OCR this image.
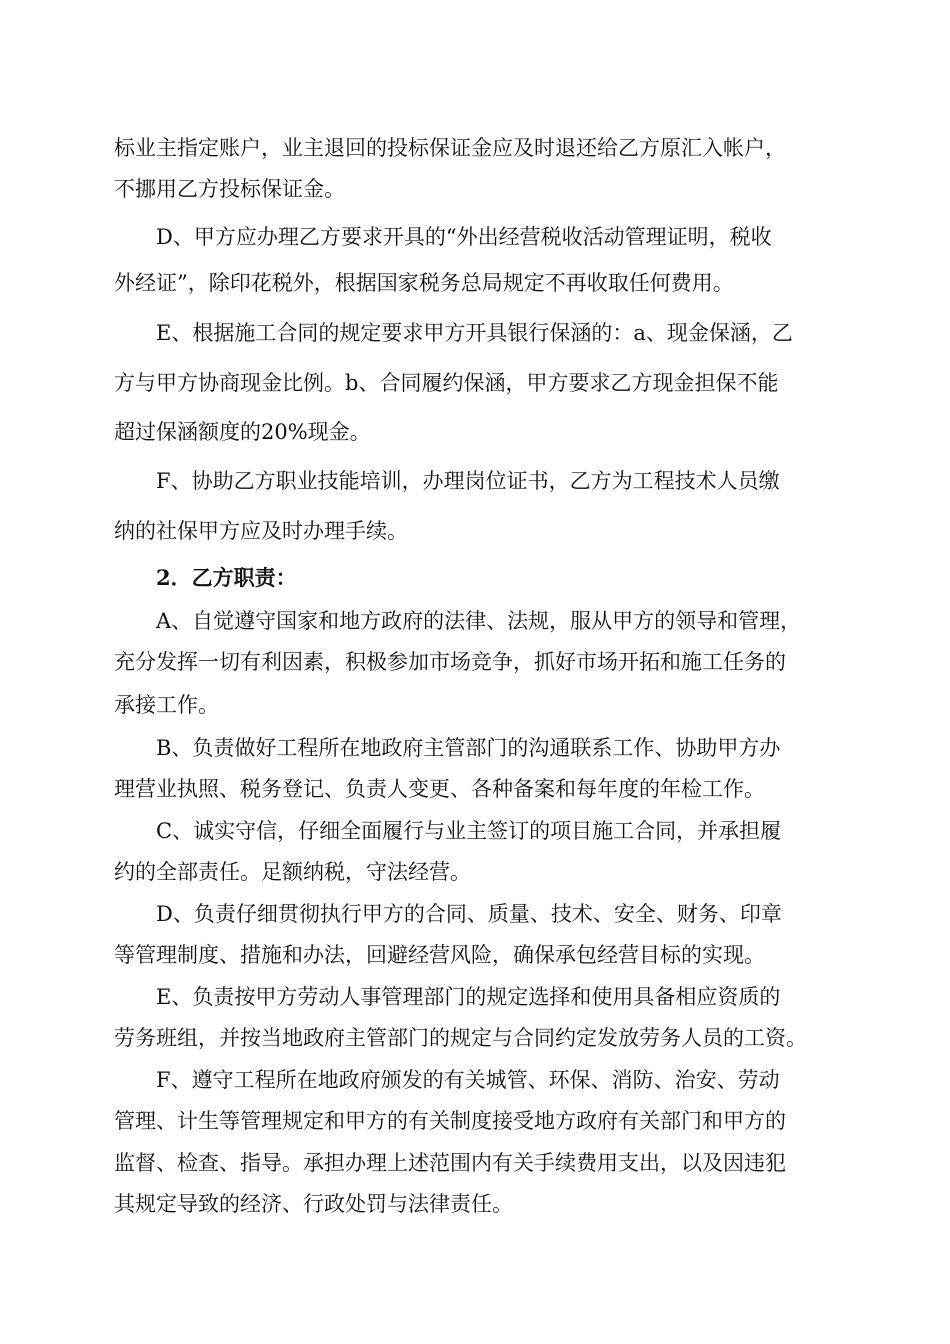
标业主指定账户，业主退回的投标保证金应及时退还给乙方原汇入帐户，
不挪用乙方投标保证金。
D、甲方应办理乙方要求开具的“外出经营税收活动管理证明，税收
外经证”，除印花税外，根据国家税务总局规定不再收取任何费用。
E、根据施工合同的规定要求甲方开具银行保涵的：a、现金保涵，乙
方与甲方协商现金比例。b、合同履约保涵，甲方要求乙方现金担保不能
超过保涵额度的20%现金。
F、协助乙方职业技能培训，办理岗位证书，乙方为工程技术人员缴
纳的社保甲方应及时办理手续。
2．乙方职责：
A、自觉遵守国家和地方政府的法律、法规，服从甲方的领导和管理，
充分发挥一切有利因素，积极参加市场竞争，抓好市场开拓和施工任务的
承接工作。
B、负责做好工程所在地政府主管部门的沟通联系工作、协助甲方办
理营业执照、税务登记、负责人变更、各种备案和每年度的年检工作。
C、诚实守信，仔细全面履行与业主签订的项目施工合同，并承担履
约的全部责任。足额纳税，守法经营。
D、负责仔细贯彻执行甲方的合同、质量、技术、安全、财务、印章
等管理制度、措施和办法，回避经营风险，确保承包经营目标的实现。
E、负责按甲方劳动人事管理部门的规定选择和使用具备相应资质的
劳务班组，并按当地政府主管部门的规定与合同约定发放劳务人员的工资。
F、遵守工程所在地政府颁发的有关城管、环保、消防、治安、劳动
管理、计生等管理规定和甲方的有关制度接受地方政府有关部门和甲方的
监督、检查、指导。承担办理上述范围内有关手续费用支出，以及因违犯
其规定导致的经济、行政处罚与法律责任。
